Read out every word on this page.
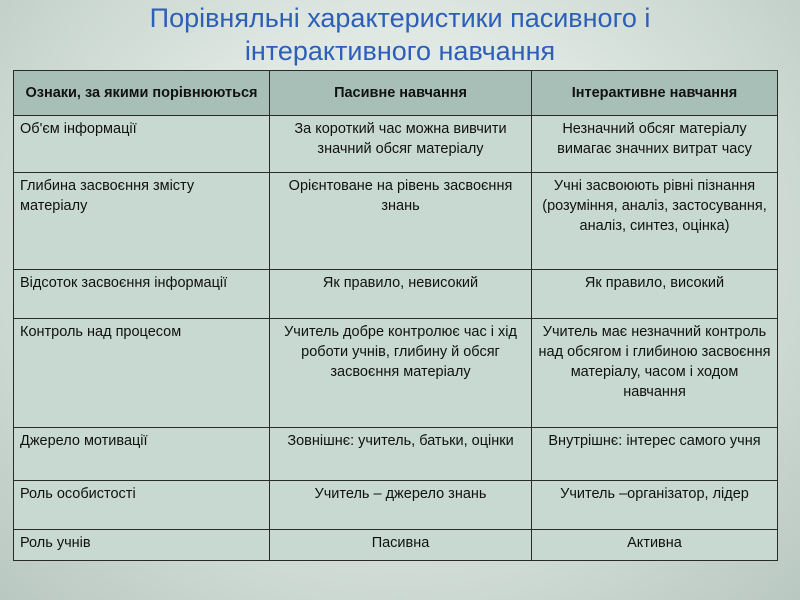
Порівняльні характеристики пасивного і
інтерактивного навчання
Ознаки, за якими порівнюються	Пасивне навчання	Інтерактивне навчання
Об'єм інформації	За короткий час можна вивчити значний обсяг матеріалу	Незначний обсяг матеріалу вимагає значних витрат часу
Глибина засвоєння змісту матеріалу	Орієнтоване на рівень засвоєння знань	Учні засвоюють рівні пізнання (розуміння, аналіз, застосування, аналіз, синтез, оцінка)
Відсоток засвоєння інформації	Як правило, невисокий	Як правило, високий
Контроль над процесом	Учитель добре контролює час і хід роботи учнів, глибину й обсяг засвоєння матеріалу	Учитель має незначний контроль над обсягом і глибиною засвоєння матеріалу, часом і ходом навчання
Джерело мотивації	Зовнішнє: учитель, батьки, оцінки	Внутрішнє: інтерес самого учня
Роль особистості	Учитель – джерело знань	Учитель –організатор, лідер
Роль учнів	Пасивна	Активна
